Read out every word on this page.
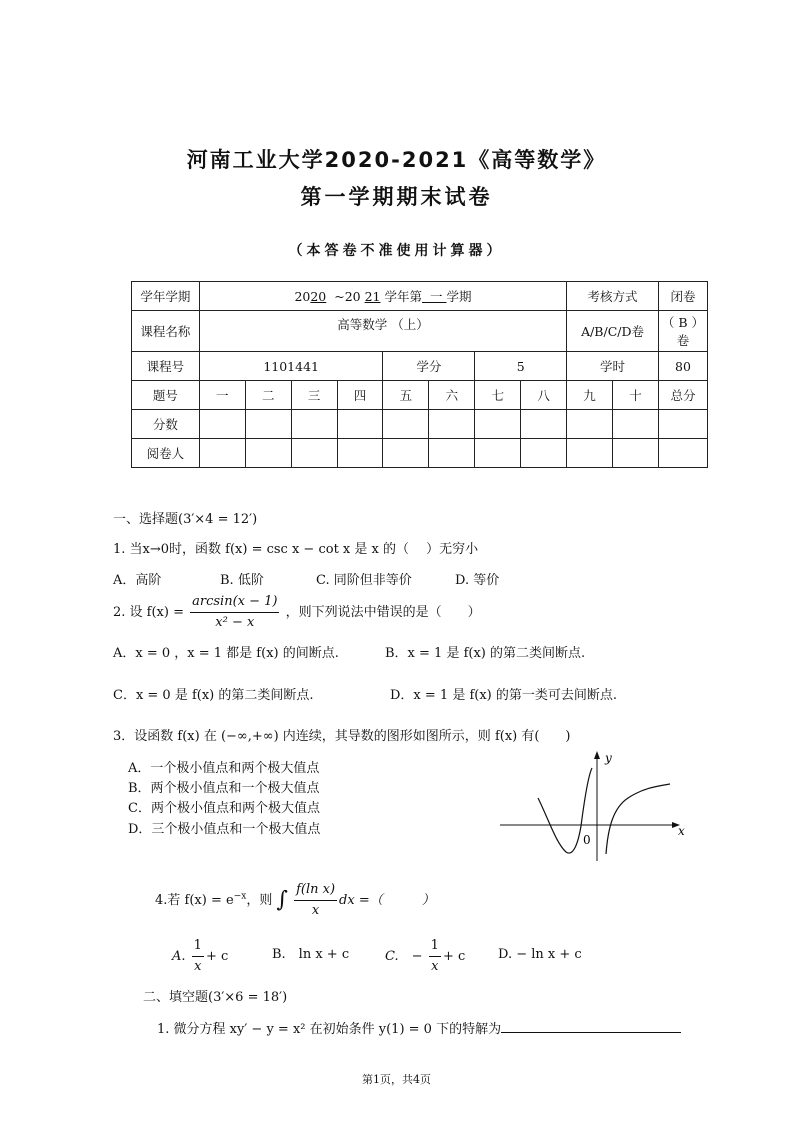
河南工业大学2020-2021《高等数学》
第一学期期末试卷
（本答卷不准使用计算器）
学年学期	2020 ~20 21 学年第 一 学期								考核方式		闭卷
课程名称	高等数学 （上）								A/B/C/D卷		（ B ）卷
课程号	1101441				学分		5		学时		80
题号	一	二	三	四	五	六	七	八	九	十	总分
分数											
阅卷人											
一、选择题(3′×4 = 12′)
1. 当x→0时，函数 f(x) = csc x − cot x 是 x 的（　 ）无穷小
A．高阶	B. 低阶	C. 同阶但非等价	D. 等价
2. 设 $f(x) = \frac{\arcsin(x - 1)}{\text{x² − x}}$ ，则下列说法中错误的是（　　）
A．x = 0 ，x = 1 都是 f(x) 的间断点.	B．x = 1 是 f(x) 的第二类间断点.
C．x = 0 是 f(x) 的第二类间断点.	D．x = 1 是 f(x) 的第一类可去间断点.
3．设函数 f(x) 在 (−∞,+∞) 内连续，其导数的图形如图所示，则 f(x) 有(　　)
A．一个极小值点和两个极大值点
B．两个极小值点和一个极大值点
C．两个极小值点和两个极大值点
D．三个极小值点和一个极大值点
y
x
0
4.若 $f(x) = e^{-x}$，则 ∫ $\frac{\text{f(ln x)}}{x}$ dx =（　　　）
A. $\frac{1}{x} + c$	B.　ln x + c	C.　− $\frac{1}{x} + c$	D. − ln x + c
二、填空题(3′×6 = 18′)
1. 微分方程 xy′ − y = x² 在初始条件 y(1) = 0 下的特解为
第1页，共4页
